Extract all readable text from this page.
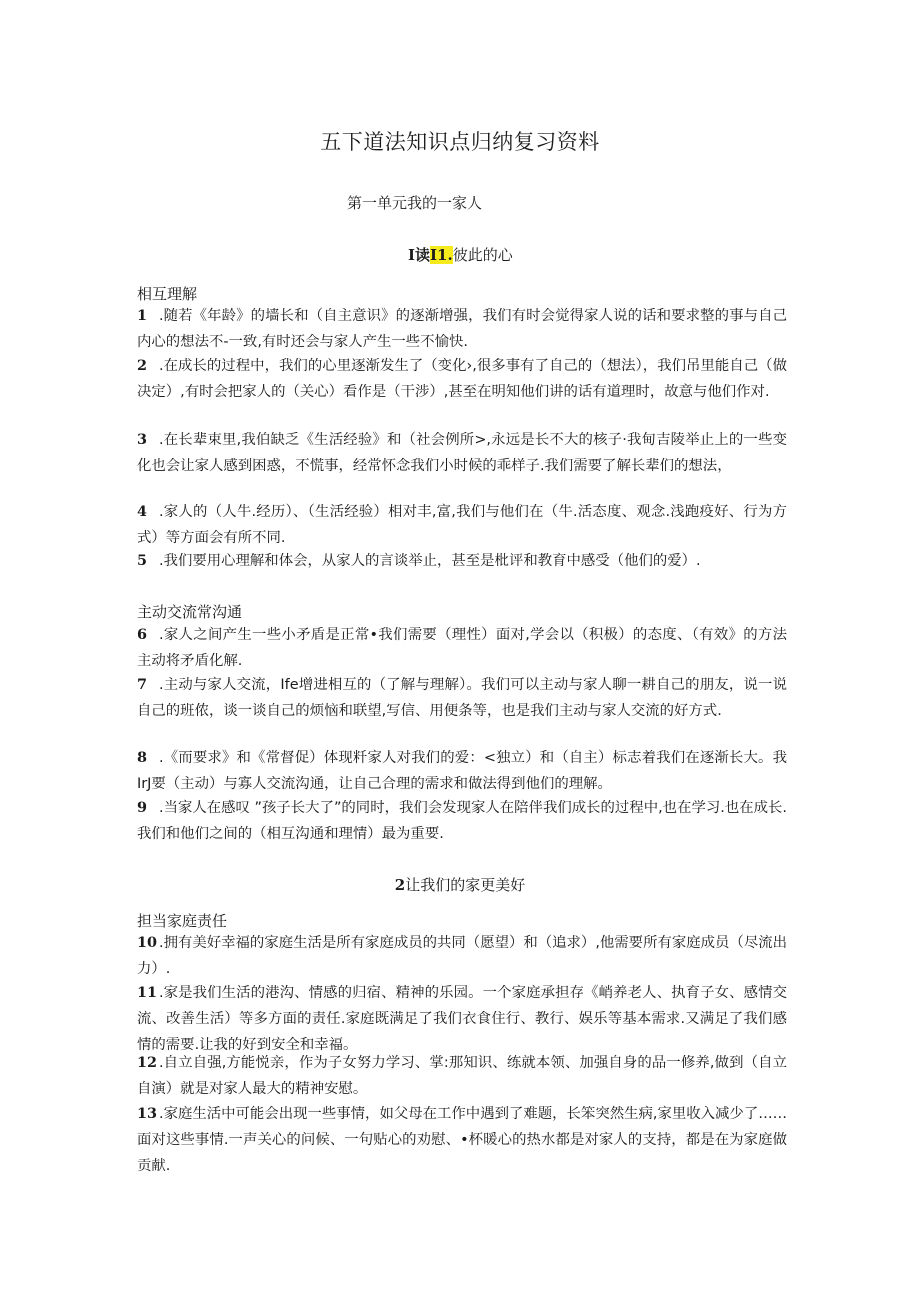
五下道法知识点归纳复习资料
第一单元我的一家人
I读I1.彼此的心
相互理解
1 .随若《年龄》的墙长和（自主意识》的逐渐增强，我们有时会觉得家人说的话和要求整的事与自己内心的想法不-一致,有时还会与家人产生一些不愉快.
2 .在成长的过程中，我们的心里逐渐发生了（变化›,很多事有了自己的（想法），我们吊里能自己（做决定）,有时会把家人的（关心）看作是（干涉）,甚至在明知他们讲的话有道理时，故意与他们作对.
3 .在长辈束里,我伯缺乏《生活经验》和（社会例所>,永远是长不大的核子·我甸吉陵举止上的一些变化也会让家人感到困惑，不慌事，经常怀念我们小时候的乖样子.我们需要了解长辈们的想法，
4 .家人的（人牛.经历）、（生活经验）相对丰,富,我们与他们在（牛.活态度、观念.浅跑疫好、行为方式）等方面会有所不同.
5 .我们要用心理解和体会，从家人的言谈举止，甚至是枇评和教育中感受（他们的爱）.
主动交流常沟通
6 .家人之间产生一些小矛盾是正常•我们需要（理性）面对,学会以（积极）的态度、（有效》的方法主动将矛盾化解.
7 .主动与家人交流，Ife增进相互的（了解与理解）。我们可以主动与家人聊一耕自己的朋友，说一说自己的班侬，谈一谈自己的烦恼和联望,写信、用便条等，也是我们主动与家人交流的好方式.
8 .《而要求》和《常督促）体现粁家人对我们的爱：<独立）和（自主）标志着我们在逐渐长大。我IrJ要（主动）与寡人交流沟通，让自己合理的需求和做法得到他们的理解。
9 .当家人在感叹 ”孩子长大了”的同时，我们会发现家人在陪伴我们成长的过程中,也在学习.也在成长.我们和他们之间的（相互沟通和理情）最为重要.
2让我们的家更美好
担当家庭责任
10 .拥有美好幸福的家庭生活是所有家庭成员的共同（愿望）和（追求）,他需要所有家庭成员（尽流出力）.
11 .家是我们生活的港沟、情感的归宿、精神的乐园。一个家庭承担存《峭养老人、执育子女、感情交流、改善生活）等多方面的责任.家庭既满足了我们衣食住行、教行、娱乐等基本需求.又满足了我们感情的需要.让我的好到安全和幸福。
12 .自立自强,方能悦亲，作为子女努力学习、掌:那知识、练就本领、加强自身的品一修养,做到（自立自演）就是对家人最大的精神安慰。
13 .家庭生活中可能会出现一些事情，如父母在工作中遇到了难题，长笨突然生病,家里收入减少了……面对这些事情.一声关心的问候、一句贴心的劝慰、•杯暖心的热水都是对家人的支持，都是在为家庭做贡献.
